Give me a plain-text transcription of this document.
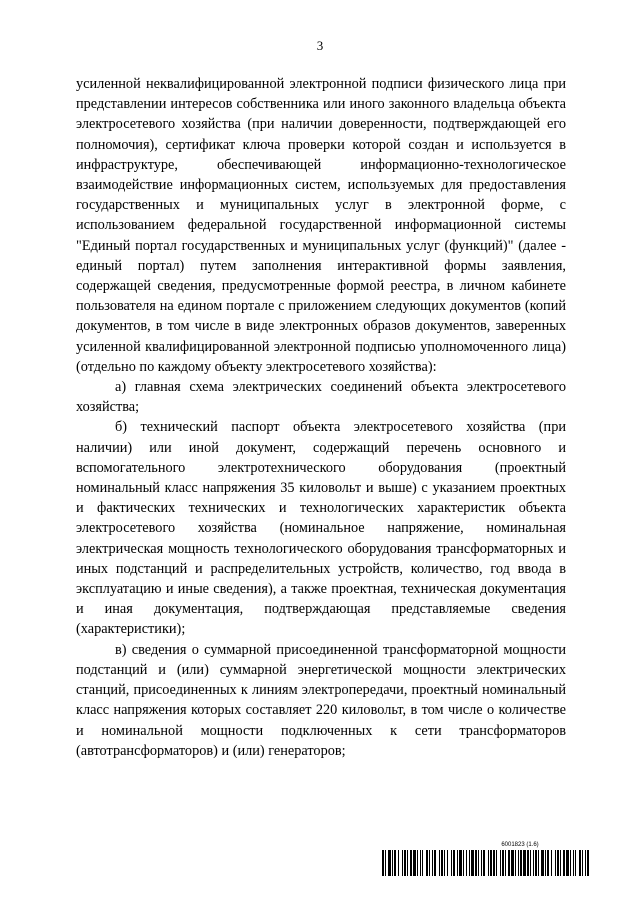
3

усиленной неквалифицированной электронной подписи физического лица при представлении интересов собственника или иного законного владельца объекта электросетевого хозяйства (при наличии доверенности, подтверждающей его полномочия), сертификат ключа проверки которой создан и используется в инфраструктуре, обеспечивающей информационно-технологическое взаимодействие информационных систем, используемых для предоставления государственных и муниципальных услуг в электронной форме, с использованием федеральной государственной информационной системы "Единый портал государственных и муниципальных услуг (функций)" (далее - единый портал) путем заполнения интерактивной формы заявления, содержащей сведения, предусмотренные формой реестра, в личном кабинете пользователя на едином портале с приложением следующих документов (копий документов, в том числе в виде электронных образов документов, заверенных усиленной квалифицированной электронной подписью уполномоченного лица) (отдельно по каждому объекту электросетевого хозяйства):

а) главная схема электрических соединений объекта электросетевого хозяйства;

б) технический паспорт объекта электросетевого хозяйства (при наличии) или иной документ, содержащий перечень основного и вспомогательного электротехнического оборудования (проектный номинальный класс напряжения 35 киловольт и выше) с указанием проектных и фактических технических и технологических характеристик объекта электросетевого хозяйства (номинальное напряжение, номинальная электрическая мощность технологического оборудования трансформаторных и иных подстанций и распределительных устройств, количество, год ввода в эксплуатацию и иные сведения), а также проектная, техническая документация и иная документация, подтверждающая представляемые сведения (характеристики);

в) сведения о суммарной присоединенной трансформаторной мощности подстанций и (или) суммарной энергетической мощности электрических станций, присоединенных к линиям электропередачи, проектный номинальный класс напряжения которых составляет 220 киловольт, в том числе о количестве и номинальной мощности подключенных к сети трансформаторов (автотрансформаторов) и (или) генераторов;

6001823 (1.6)
